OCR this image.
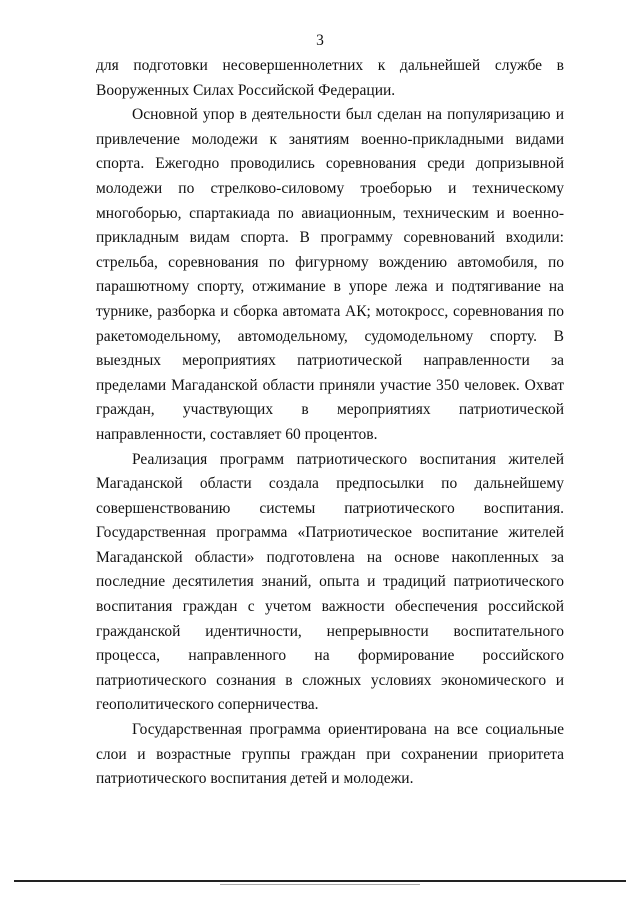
3

для подготовки несовершеннолетних к дальнейшей службе в Вооруженных Силах Российской Федерации.

Основной упор в деятельности был сделан на популяризацию и привлечение молодежи к занятиям военно-прикладными видами спорта. Ежегодно проводились соревнования среди допризывной молодежи по стрелково-силовому троеборью и техническому многоборью, спартакиада по авиационным, техническим и военно-прикладным видам спорта. В программу соревнований входили: стрельба, соревнования по фигурному вождению автомобиля, по парашютному спорту, отжимание в упоре лежа и подтягивание на турнике, разборка и сборка автомата АК; мотокросс, соревнования по ракетомодельному, автомодельному, судомодельному спорту. В выездных мероприятиях патриотической направленности за пределами Магаданской области приняли участие 350 человек. Охват граждан, участвующих в мероприятиях патриотической направленности, составляет 60 процентов.

Реализация программ патриотического воспитания жителей Магаданской области создала предпосылки по дальнейшему совершенствованию системы патриотического воспитания. Государственная программа «Патриотическое воспитание жителей Магаданской области» подготовлена на основе накопленных за последние десятилетия знаний, опыта и традиций патриотического воспитания граждан с учетом важности обеспечения российской гражданской идентичности, непрерывности воспитательного процесса, направленного на формирование российского патриотического сознания в сложных условиях экономического и геополитического соперничества.

Государственная программа ориентирована на все социальные слои и возрастные группы граждан при сохранении приоритета патриотического воспитания детей и молодежи.
